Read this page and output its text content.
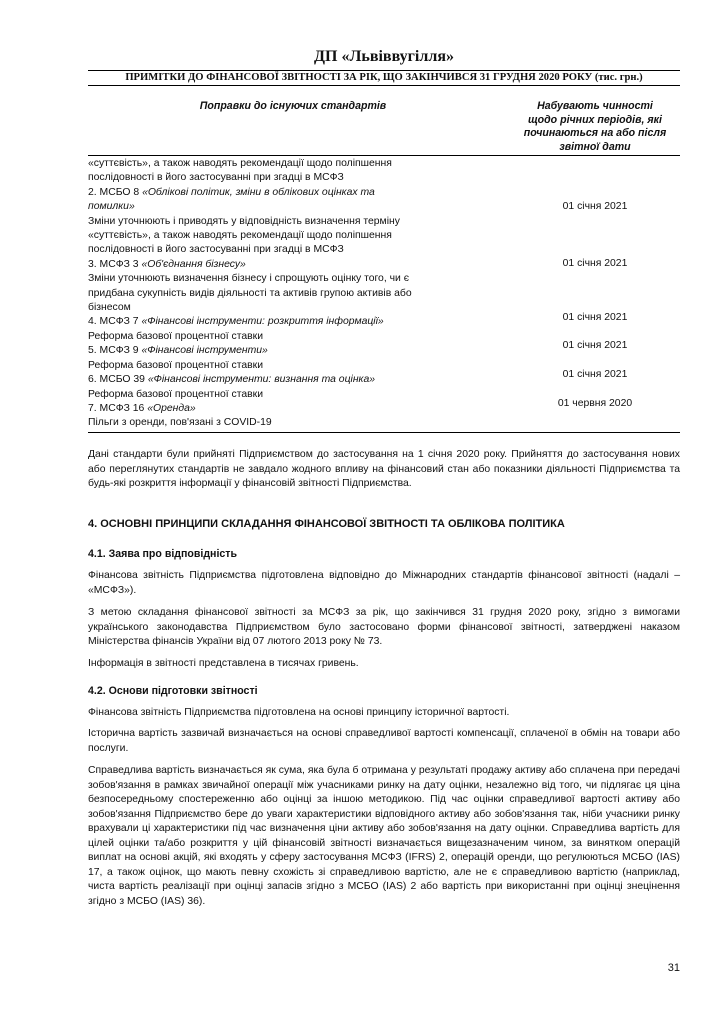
ДП «Львіввугілля»
ПРИМІТКИ ДО ФІНАНСОВОЇ ЗВІТНОСТІ ЗА РІК, ЩО ЗАКІНЧИВСЯ 31 ГРУДНЯ 2020 РОКУ (тис. грн.)
Поправки до існуючих стандартів	Набувають чинності
щодо річних періодів, які
починаються на або після
звітної дати
«суттєвість», а також наводять рекомендації щодо поліпшення
послідовності в його застосуванні при згадці в МСФЗ
01 січня 2021
2. МСБО 8 «Облікові політик, зміни в облікових оцінках та
помилки»
Зміни уточнюють і приводять у відповідність визначення терміну
«суттєвість», а також наводять рекомендації щодо поліпшення
послідовності в його застосуванні при згадці в МСФЗ
01 січня 2021
3. МСФЗ 3 «Об'єднання бізнесу»
Зміни уточнюють визначення бізнесу і спрощують оцінку того, чи є
придбана сукупність видів діяльності та активів групою активів або
бізнесом
01 січня 2021
4. МСФЗ 7 «Фінансові інструменти: розкриття інформації»
Реформа базової процентної ставки
01 січня 2021
5. МСФЗ 9 «Фінансові інструменти»
Реформа базової процентної ставки
01 січня 2021
6. МСБО 39 «Фінансові інструменти: визнання та оцінка»
Реформа базової процентної ставки
01 червня 2020
7. МСФЗ 16 «Оренда»
Пільги з оренди, пов'язані з COVID-19
Дані стандарти були прийняті Підприємством до застосування на 1 січня 2020 року. Прийняття до застосування нових або переглянутих стандартів не завдало жодного впливу на фінансовий стан або показники діяльності Підприємства та будь-які розкриття інформації у фінансовій звітності Підприємства.
4. ОСНОВНІ ПРИНЦИПИ СКЛАДАННЯ ФІНАНСОВОЇ ЗВІТНОСТІ ТА ОБЛІКОВА ПОЛІТИКА
4.1. Заява про відповідність
Фінансова звітність Підприємства підготовлена відповідно до Міжнародних стандартів фінансової звітності (надалі – «МСФЗ»).
З метою складання фінансової звітності за МСФЗ за рік, що закінчився 31 грудня 2020 року, згідно з вимогами українського законодавства Підприємством було застосовано форми фінансової звітності, затверджені наказом Міністерства фінансів України від 07 лютого 2013 року № 73.
Інформація в звітності представлена в тисячах гривень.
4.2. Основи підготовки звітності
Фінансова звітність Підприємства підготовлена на основі принципу історичної вартості.
Історична вартість зазвичай визначається на основі справедливої вартості компенсації, сплаченої в обмін на товари або послуги.
Справедлива вартість визначається як сума, яка була б отримана у результаті продажу активу або сплачена при передачі зобов'язання в рамках звичайної операції між учасниками ринку на дату оцінки, незалежно від того, чи підлягає ця ціна безпосередньому спостереженню або оцінці за іншою методикою. Під час оцінки справедливої вартості активу або зобов'язання Підприємство бере до уваги характеристики відповідного активу або зобов'язання так, ніби учасники ринку врахували ці характеристики під час визначення ціни активу або зобов'язання на дату оцінки. Справедлива вартість для цілей оцінки та/або розкриття у цій фінансовій звітності визначається вищезазначеним чином, за винятком операцій виплат на основі акцій, які входять у сферу застосування МСФЗ (IFRS) 2, операцій оренди, що регулюються МСБО (IAS) 17, а також оцінок, що мають певну схожість зі справедливою вартістю, але не є справедливою вартістю (наприклад, чиста вартість реалізації при оцінці запасів згідно з МСБО (IAS) 2 або вартість при використанні при оцінці знецінення згідно з МСБО (IAS) 36).
31
